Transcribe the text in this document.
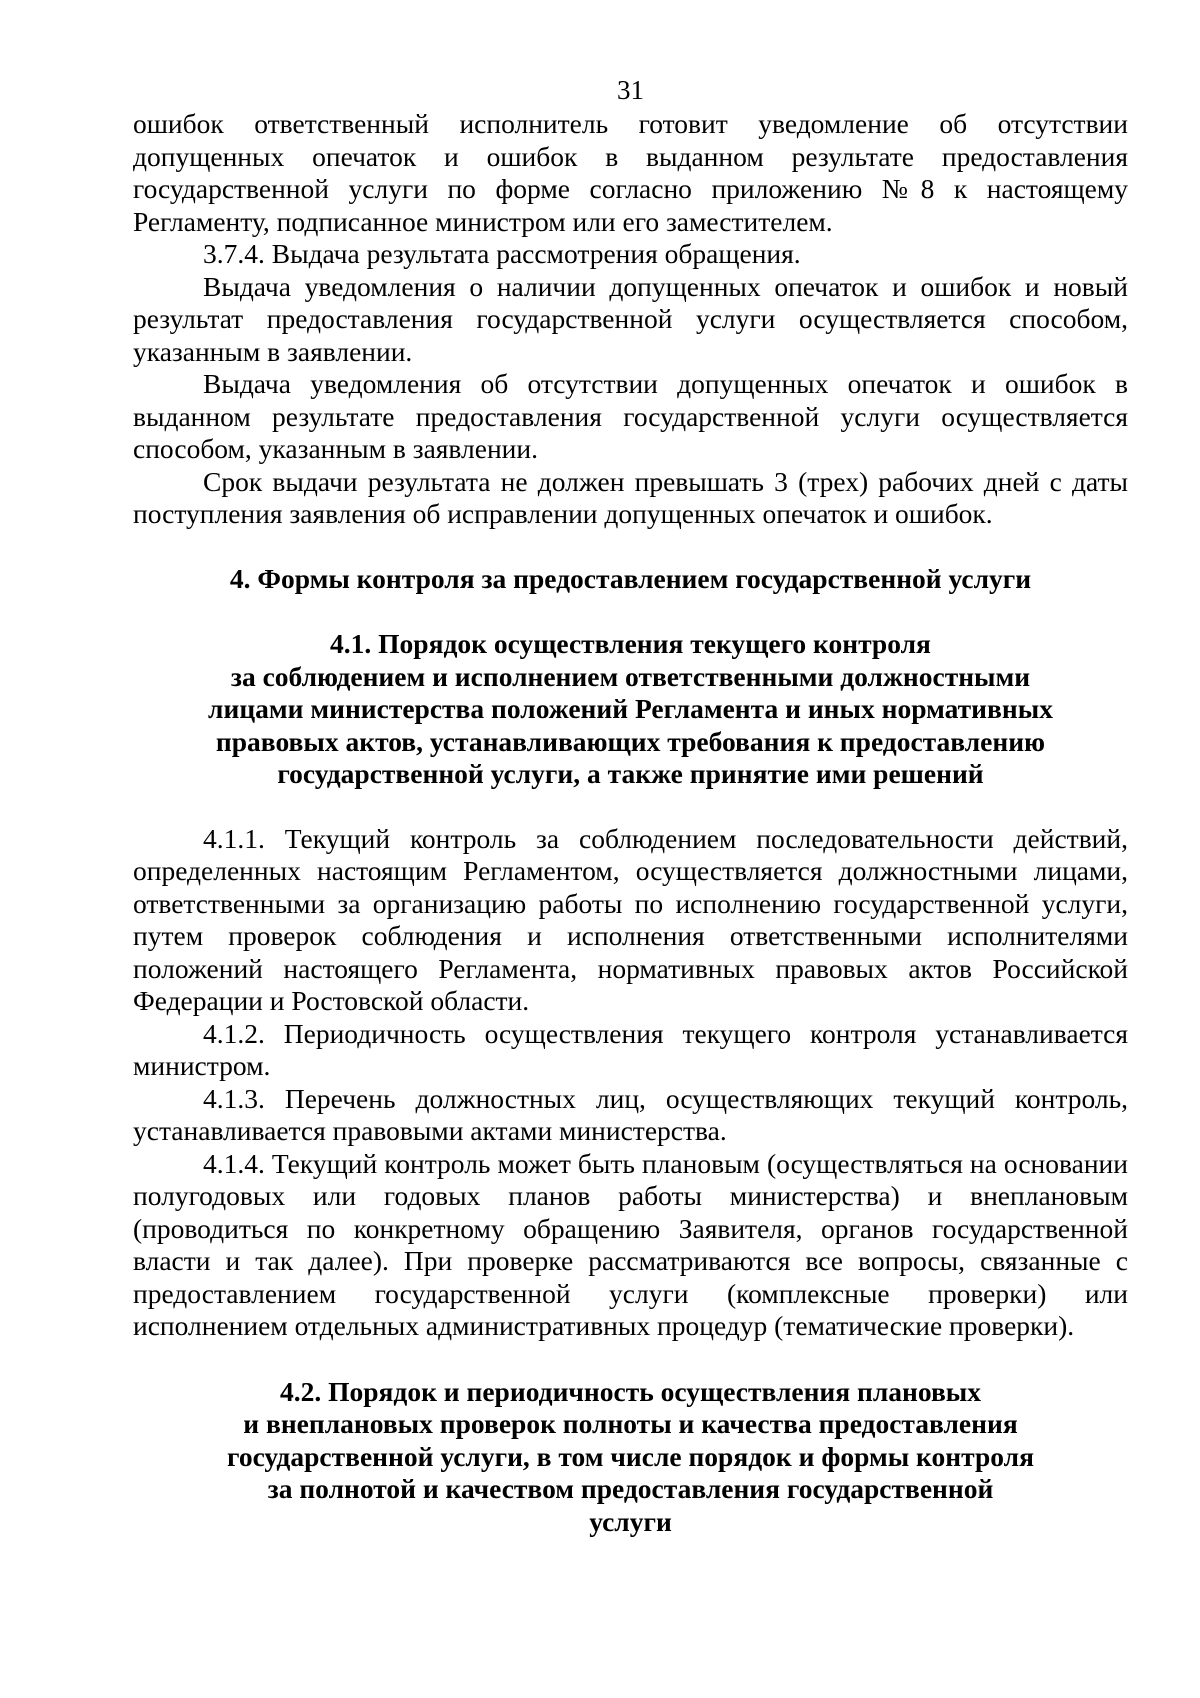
31

ошибок ответственный исполнитель готовит уведомление об отсутствии допущенных опечаток и ошибок в выданном результате предоставления государственной услуги по форме согласно приложению №8 к настоящему Регламенту, подписанное министром или его заместителем.

3.7.4. Выдача результата рассмотрения обращения.

Выдача уведомления о наличии допущенных опечаток и ошибок и новый результат предоставления государственной услуги осуществляется способом, указанным в заявлении.

Выдача уведомления об отсутствии допущенных опечаток и ошибок в выданном результате предоставления государственной услуги осуществляется способом, указанным в заявлении.

Срок выдачи результата не должен превышать 3 (трех) рабочих дней с даты поступления заявления об исправлении допущенных опечаток и ошибок.

4. Формы контроля за предоставлением государственной услуги
4.1. Порядок осуществления текущего контроля
за соблюдением и исполнением ответственными должностными
лицами министерства положений Регламента и иных нормативных
правовых актов, устанавливающих требования к предоставлению
государственной услуги, а также принятие ими решений

4.1.1. Текущий контроль за соблюдением последовательности действий, определенных настоящим Регламентом, осуществляется должностными лицами, ответственными за организацию работы по исполнению государственной услуги, путем проверок соблюдения и исполнения ответственными исполнителями положений настоящего Регламента, нормативных правовых актов Российской Федерации и Ростовской области.

4.1.2. Периодичность осуществления текущего контроля устанавливается министром.

4.1.3. Перечень должностных лиц, осуществляющих текущий контроль, устанавливается правовыми актами министерства.

4.1.4. Текущий контроль может быть плановым (осуществляться на основании полугодовых или годовых планов работы министерства) и внеплановым (проводиться по конкретному обращению Заявителя, органов государственной власти и так далее). При проверке рассматриваются все вопросы, связанные с предоставлением государственной услуги (комплексные проверки) или исполнением отдельных административных процедур (тематические проверки).

4.2. Порядок и периодичность осуществления плановых
и внеплановых проверок полноты и качества предоставления
государственной услуги, в том числе порядок и формы контроля
за полнотой и качеством предоставления государственной
услуги
